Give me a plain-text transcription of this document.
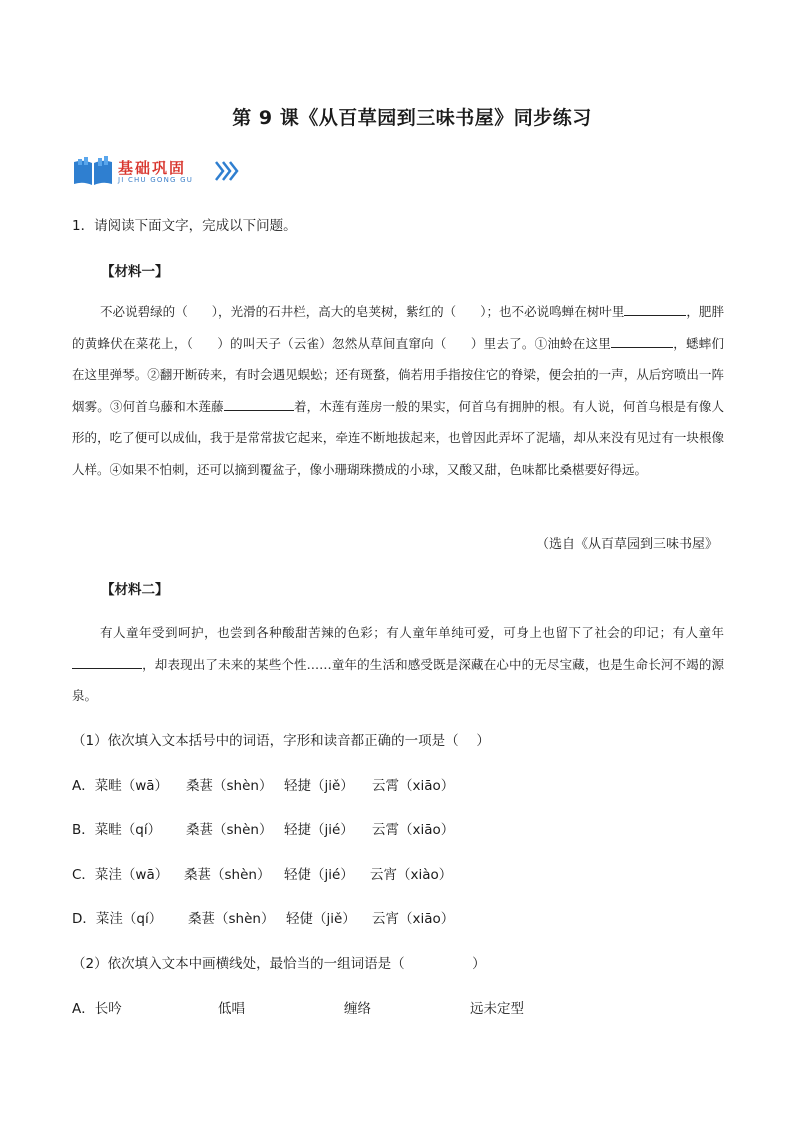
第 9 课《从百草园到三味书屋》同步练习
基础巩固
JI CHU GONG GU
1．请阅读下面文字，完成以下问题。
【材料一】
不必说碧绿的（ ），光滑的石井栏，高大的皂荚树，紫红的（ ）；也不必说鸣蝉在树叶里	，肥胖的黄蜂伏在菜花上，（ ）的叫天子（云雀）忽然从草间直窜向（ ）里去了。①油蛉在这里	，蟋蟀们在这里弹琴。②翻开断砖来，有时会遇见蜈蚣；还有斑蝥，倘若用手指按住它的脊梁，便会拍的一声，从后窍喷出一阵烟雾。③何首乌藤和木莲藤	着，木莲有莲房一般的果实，何首乌有拥肿的根。有人说，何首乌根是有像人形的，吃了便可以成仙，我于是常常拔它起来，牵连不断地拔起来，也曾因此弄坏了泥墙，却从来没有见过有一块根像人样。④如果不怕刺，还可以摘到覆盆子，像小珊瑚珠攒成的小球，又酸又甜，色味都比桑椹要好得远。
（选自《从百草园到三味书屋》
【材料二】
有人童年受到呵护，也尝到各种酸甜苦辣的色彩；有人童年单纯可爱，可身上也留下了社会的印记；有人童年，却表现出了未来的某些个性……童年的生活和感受既是深藏在心中的无尽宝藏，也是生命长河不竭的源泉。
（1）依次填入文本括号中的词语，字形和读音都正确的一项是（　 ）
A．菜畦（wā） 桑葚（shèn） 轻捷（jiě） 云霄（xiāo）
B．菜畦（qí） 桑葚（shèn） 轻捷（jié） 云霄（xiāo）
C．菜洼（wā） 桑葚（shèn） 轻倢（jié） 云宵（xiào）
D．菜洼（qí） 桑葚（shèn） 轻倢（jiě） 云宵（xiāo）
（2）依次填入文本中画横线处，最恰当的一组词语是（　　　　　）
A．长吟	低唱	缠络	远未定型
